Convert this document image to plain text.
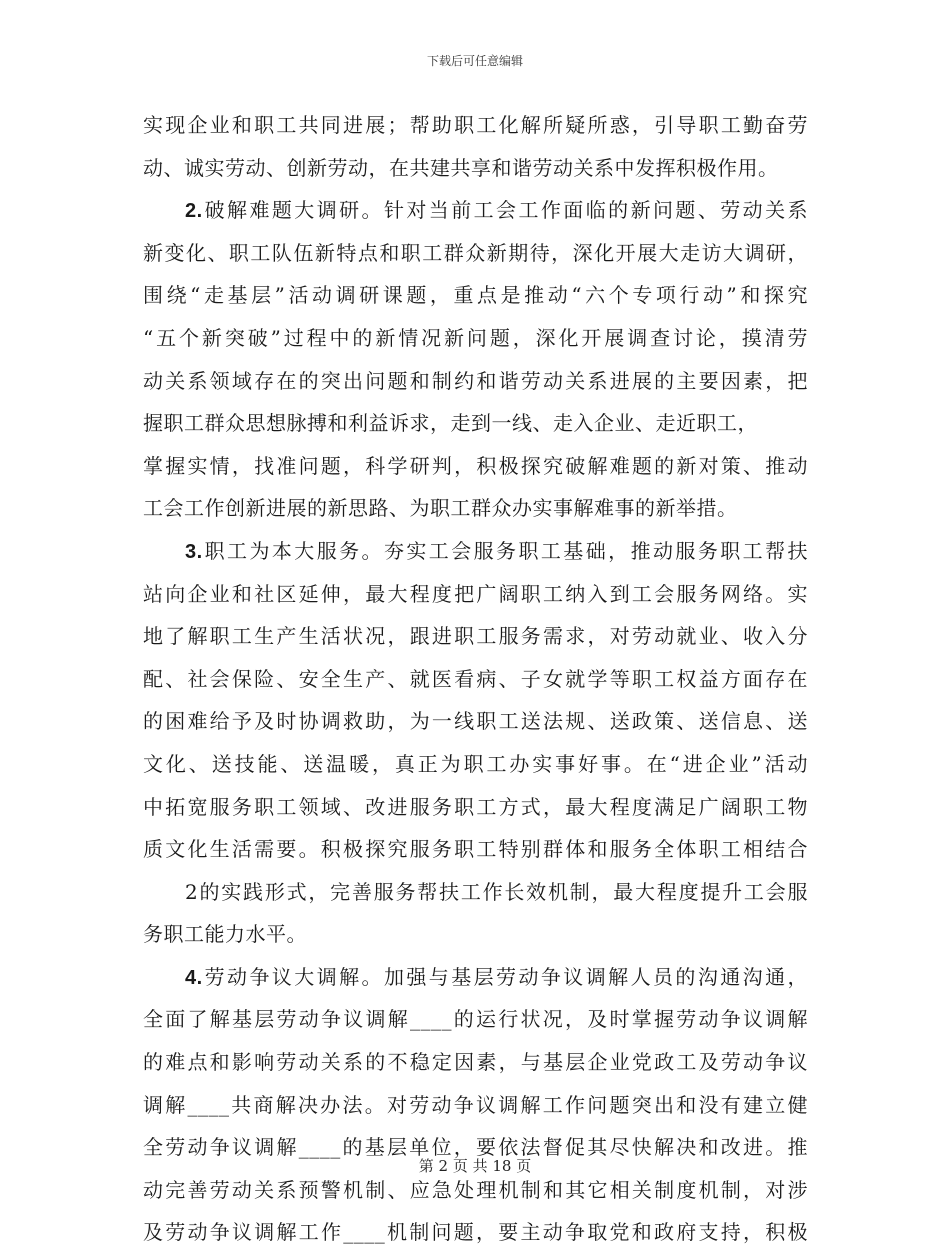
下载后可任意编辑
实现企业和职工共同进展；帮助职工化解所疑所惑，引导职工勤奋劳
动、诚实劳动、创新劳动，在共建共享和谐劳动关系中发挥积极作用。
2.破解难题大调研。针对当前工会工作面临的新问题、劳动关系
新变化、职工队伍新特点和职工群众新期待，深化开展大走访大调研，
围绕“走基层”活动调研课题，重点是推动“六个专项行动”和探究
“五个新突破”过程中的新情况新问题，深化开展调查讨论，摸清劳
动关系领域存在的突出问题和制约和谐劳动关系进展的主要因素，把
握职工群众思想脉搏和利益诉求，走到一线、走入企业、走近职工，
掌握实情，找准问题，科学研判，积极探究破解难题的新对策、推动
工会工作创新进展的新思路、为职工群众办实事解难事的新举措。
3.职工为本大服务。夯实工会服务职工基础，推动服务职工帮扶
站向企业和社区延伸，最大程度把广阔职工纳入到工会服务网络。实
地了解职工生产生活状况，跟进职工服务需求，对劳动就业、收入分
配、社会保险、安全生产、就医看病、子女就学等职工权益方面存在
的困难给予及时协调救助，为一线职工送法规、送政策、送信息、送
文化、送技能、送温暖，真正为职工办实事好事。在“进企业”活动
中拓宽服务职工领域、改进服务职工方式，最大程度满足广阔职工物
质文化生活需要。积极探究服务职工特别群体和服务全体职工相结合
2的实践形式，完善服务帮扶工作长效机制，最大程度提升工会服
务职工能力水平。
4.劳动争议大调解。加强与基层劳动争议调解人员的沟通沟通，
全面了解基层劳动争议调解____的运行状况，及时掌握劳动争议调解
的难点和影响劳动关系的不稳定因素，与基层企业党政工及劳动争议
调解____共商解决办法。对劳动争议调解工作问题突出和没有建立健
全劳动争议调解____的基层单位，要依法督促其尽快解决和改进。推
动完善劳动关系预警机制、应急处理机制和其它相关制度机制，对涉
及劳动争议调解工作____机制问题，要主动争取党和政府支持，积极
第 2 页 共 18 页
